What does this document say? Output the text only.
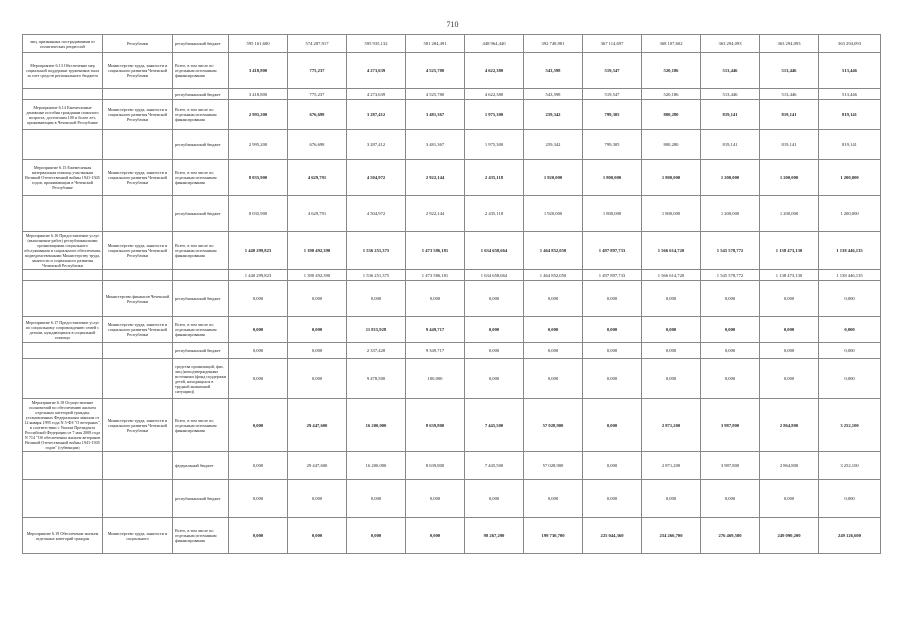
710
лиц, признанных пострадавшими от политических репрессий	Республики	республиканский бюджет	595 161,600	574 287,917	595 935,132	581 284,491	448 964,440	392 748,981	367 114,697	368 107,602	363 294,093	363 294,093	363 294,093
Мероприятие 6.13 Обеспечение мер социальной поддержки тружеников тыла за счет средств регионального бюджета	Министерство труда, занятости и социального развития Чеченской Республики	Всего, в том числе по отдельным источникам финансирования	3 418,800	775,237	4 273,639	4 525,780	4 622,380	543,598	519,547	520,186	513,446	513,446	513,446
		республиканский бюджет	3 418,800	775,237	4 273,639	4 525,780	4 622,380	543,598	519,547	520,186	513,446	513,446	513,446
Мероприятие 6.14 Ежемесячные денежные пособия гражданам пожилого возраста, достигшим 100 и более лет, проживающим в Чеченской Республике	Министерство труда, занятости и социального развития Чеченской Республики	Всего, в том числе по отдельным источникам финансирования	2 995,200	676,698	3 287,412	3 481,367	1 975,300	259,342	799,305	800,280	819,141	819,141	819,141
		республиканский бюджет	2 995,200	676,698	3 287,412	3 481,367	1 975,300	259,342	799,305	800,280	819,141	819,141	819,141
Мероприятие 6.15 Ежемесячная материальная помощь участникам Великой Отечественной войны 1941-1945 годов, проживающим в Чеченской Республике	Министерство труда, занятости и социального развития Чеченской Республики	Всего, в том числе по отдельным источникам финансирования	8 035,900	4 629,791	4 504,972	2 922,144	2 435,118	1 920,000	1 800,000	1 800,000	1 200,000	1 200,000	1 200,000
		республиканский бюджет	8 035,900	4 629,791	4 504,972	2 922,144	2 435,118	1 920,000	1 800,000	1 800,000	1 200,000	1 200,000	1 200,000
Мероприятие 6.16 Предоставление услуг (выполнение работ) республиканскими организациями социального обслуживания и социального обеспечения, подведомственными Министерству труда, занятости и социального развития Чеченской Республики	Министерство труда, занятости и социального развития Чеченской Республики	Всего, в том числе по отдельным источникам финансирования	1 440 299,823	1 390 492,390	1 536 251,375	1 473 586,181	1 634 658,664	1 464 852,050	1 497 897,733	1 566 614,720	1 545 578,772	1 138 473,130	1 138 446,135
			1 440 299,823	1 390 492,390	1 536 251,375	1 473 586,181	1 634 658,664	1 464 852,050	1 497 897,733	1 566 614,720	1 545 578,772	1 138 473,130	1 138 446,135
	Министерство финансов Чеченской Республики	республиканский бюджет	0,000	0,000	0,000	0,000	0,000	0,000	0,000	0,000	0,000	0,000	0,000
Мероприятие 6.17 Предоставление услуг по социальному сопровождению семей с детьми, нуждающимся в социальной помощи	Министерство труда, занятости и социального развития Чеченской Республики	Всего, в том числе по отдельным источникам финансирования	0,000	0,000	11 815,928	9 449,717	0,000	0,000	0,000	0,000	0,000	0,000	0,000
		республиканский бюджет	0,000	0,000	2 337,428	9 349,717	0,000	0,000	0,000	0,000	0,000	0,000	0,000
		средства организаций, физ. лиц (неподтвержденные источники (фонд поддержки детей, находящихся в трудной жизненной ситуации))	0,000	0,000	9 478,500	100,000	0,000	0,000	0,000	0,000	0,000	0,000	0,000
Мероприятие 6.18 Осуществление полномочий по обеспечению жильем отдельных категорий граждан, установленных Федеральным законом от 12 января 1995 года N 5-ФЗ "О ветеранах", в соответствии с Указом Президента Российской Федерации от 7 мая 2008 года N 714 "Об обеспечении жильем ветеранов Великой Отечественной войны 1941-1945 годов" (субвенции)	Министерство труда, занятости и социального развития Чеченской Республики	Всего, в том числе по отдельным источникам финансирования	0,000	29 447,600	16 200,000	8 639,800	7 445,500	57 028,900	0,000	2 871,200	3 987,800	2 864,800	3 252,100
		федеральный бюджет	0,000	29 447,600	16 200,000	8 639,800	7 445,500	57 028,900	0,000	2 871,200	3 987,800	2 864,800	3 252,100
		республиканский бюджет	0,000	0,000	0,000	0,000	0,000	0,000	0,000	0,000	0,000	0,000	0,000
Мероприятие 6.19 Обеспечение жильем отдельных категорий граждан	Министерство труда, занятости и социального	Всего, в том числе по отдельным источникам финансирования	0,000	0,000	0,000	0,000	98 267,290	199 730,700	225 044,360	254 266,700	276 469,580	249 090,200	249 126,600
